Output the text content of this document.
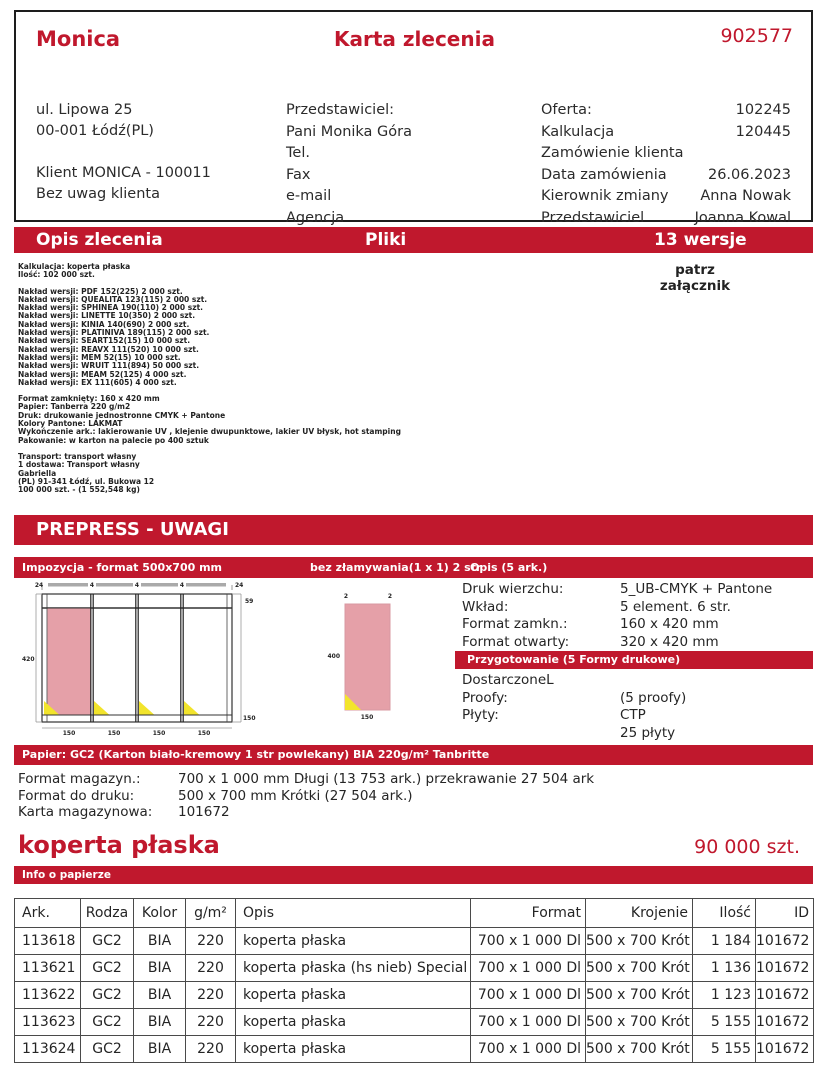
Monica	Karta zlecenia	902577
ul. Lipowa 25
00-001 Łódź(PL)
Klient MONICA - 100011
Bez uwag klienta
Przedstawiciel:
Pani Monika Góra
Tel.
Fax
e-mail
Agencja
Oferta:	102245
Kalkulacja	120445
Zamówienie klienta
Data zamówienia	26.06.2023
Kierownik zmiany Anna Nowak
Przedstawiciel	Joanna Kowal
Opis zlecenia	Pliki	13 wersje
patrz załącznik

Kalkulacja: koperta płaska
Ilość: 102 000 szt.

Nakład wersji: PDF 152(225) 2 000 szt.
Nakład wersji: QUEALITA 123(115) 2 000 szt.
Nakład wersji: SPHINEA 190(110) 2 000 szt.
Nakład wersji: LINETTE 10(350) 2 000 szt.
Nakład wersji: KINIA 140(690) 2 000 szt.
Nakład wersji: PLATINIVA 189(115) 2 000 szt.
Nakład wersji: SEART152(15) 10 000 szt.
Nakład wersji: REAVX 111(520) 10 000 szt.
Nakład wersji: MEM 52(15) 10 000 szt.
Nakład wersji: WRUIT 111(894) 50 000 szt.
Nakład wersji: MEAM 52(125) 4 000 szt.
Nakład wersji: EX 111(605) 4 000 szt.

Format zamknięty: 160 x 420 mm
Papier: Tanberra 220 g/m2
Druk: drukowanie jednostronne CMYK + Pantone
Kolory Pantone: LAKMAT
Wykończenie ark.: lakierowanie UV , klejenie dwupunktowe, lakier UV błysk, hot stamping
Pakowanie: w karton na palecie po 400 sztuk

Transport: transport własny
1 dostawa: Transport własny
Gabriella
(PL) 91-341 Łódź, ul. Bukowa 12
100 000 szt. - (1 552,548 kg)

PREPRESS - UWAGI
Impozycja - format 500x700 mm	bez złamywania(1 x 1) 2 str
Opis (5 ark.)
24	4	4	4	24
420
59
150
150	150	150	150
2	2
400
150
Druk wierzchu:	5_UB-CMYK + Pantone
Wkład:	5 element. 6 str.
Format zamkn.:	160 x 420 mm
Format otwarty:	320 x 420 mm
Przygotowanie (5 Formy drukowe)
DostarczoneL
Proofy:	(5 proofy)
Płyty:	CTP
25 płyty
Papier: GC2 (Karton biało-kremowy 1 str powlekany) BIA 220g/m² Tanbritte
Format magazyn.:	700 x 1 000 mm Długi (13 753 ark.) przekrawanie 27 504 ark
Format do druku:	500 x 700 mm Krótki (27 504 ark.)
Karta magazynowa:	101672
koperta płaska	90 000 szt.
Info o papierze
Ark.	Rodza	Kolor	g/m²	Opis	Format	Krojenie	Ilość	ID
113618	GC2	BIA	220	koperta płaska	700 x 1 000 Dl	500 x 700 Krót	1 184	101672
113621	GC2	BIA	220	koperta płaska (hs nieb) Special	700 x 1 000 Dl	500 x 700 Krót	1 136	101672
113622	GC2	BIA	220	koperta płaska	700 x 1 000 Dl	500 x 700 Krót	1 123	101672
113623	GC2	BIA	220	koperta płaska	700 x 1 000 Dl	500 x 700 Krót	5 155	101672
113624	GC2	BIA	220	koperta płaska	700 x 1 000 Dl	500 x 700 Krót	5 155	101672
